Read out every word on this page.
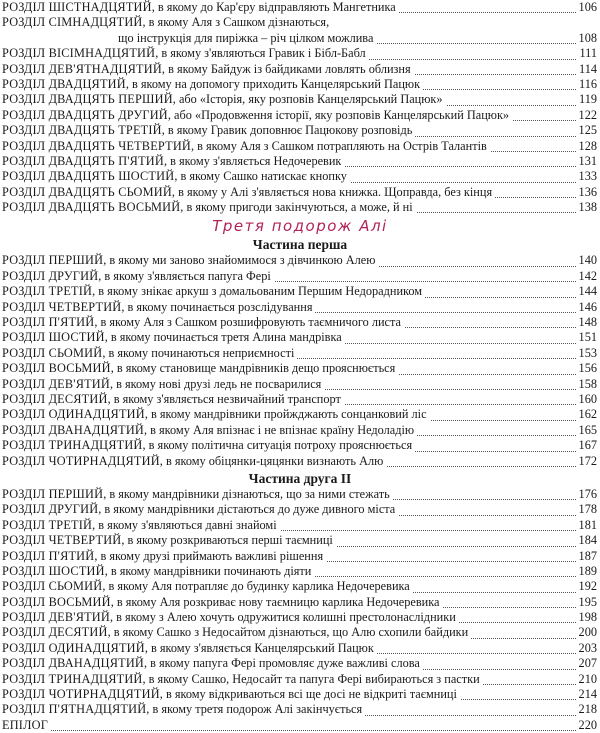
РОЗДІЛ ШІСТНАДЦЯТИЙ, в якому до Кар'єру відправляють Мангетника	106
РОЗДІЛ СІМНАДЦЯТИЙ, в якому Аля з Сашком дізнаються,
що інструкція для пиріжка – річ цілком можлива	108
РОЗДІЛ ВІСІМНАДЦЯТИЙ, в якому з'являються Гравик і Бібл-Бабл	111
РОЗДІЛ ДЕВ'ЯТНАДЦЯТИЙ, в якому Байдуж із байдиками ловлять облизня	114
РОЗДІЛ ДВАДЦЯТИЙ, в якому на допомогу приходить Канцелярський Пацюк	116
РОЗДІЛ ДВАДЦЯТЬ ПЕРШИЙ, або «Історія, яку розповів Канцелярський Пацюк»	119
РОЗДІЛ ДВАДЦЯТЬ ДРУГИЙ, або «Продовження історії, яку розповів Канцелярський Пацюк»	122
РОЗДІЛ ДВАДЦЯТЬ ТРЕТІЙ, в якому Гравик доповнює Пацюкову розповідь	125
РОЗДІЛ ДВАДЦЯТЬ ЧЕТВЕРТИЙ, в якому Аля з Сашком потрапляють на Острів Талантів	128
РОЗДІЛ ДВАДЦЯТЬ П'ЯТИЙ, в якому з'являється Недочеревик	131
РОЗДІЛ ДВАДЦЯТЬ ШОСТИЙ, в якому Сашко натискає кнопку	133
РОЗДІЛ ДВАДЦЯТЬ СЬОМИЙ, в якому у Алі з'являється нова книжка. Щоправда, без кінця	136
РОЗДІЛ ДВАДЦЯТЬ ВОСЬМИЙ, в якому пригоди закінчуються, а може, й ні	138
Третя подорож Алі
Частина перша
РОЗДІЛ ПЕРШИЙ, в якому ми заново знайомимося з дівчинкою Алею	140
РОЗДІЛ ДРУГИЙ, в якому з'являється папуга Фері	142
РОЗДІЛ ТРЕТІЙ, в якому знікає аркуш з домальованим Першим Недорадником	144
РОЗДІЛ ЧЕТВЕРТИЙ, в якому починається розслідування	146
РОЗДІЛ П'ЯТИЙ, в якому Аля з Сашком розшифровують таємничого листа	148
РОЗДІЛ ШОСТИЙ, в якому починається третя Алина мандрівка	151
РОЗДІЛ СЬОМИЙ, в якому починаються неприємності	153
РОЗДІЛ ВОСЬМИЙ, в якому становище мандрівників дещо прояснюється	156
РОЗДІЛ ДЕВ'ЯТИЙ, в якому нові друзі ледь не посварилися	158
РОЗДІЛ ДЕСЯТИЙ, в якому з'являється незвичайний транспорт	160
РОЗДІЛ ОДИНАДЦЯТИЙ, в якому мандрівники пройжджають сонцанковий ліс	162
РОЗДІЛ ДВАНАДЦЯТИЙ, в якому Аля впізнає і не впізнає країну Недоладію	165
РОЗДІЛ ТРИНАДЦЯТИЙ, в якому політична ситуація потроху прояснюється	167
РОЗДІЛ ЧОТИРНАДЦЯТИЙ, в якому обіцянки-цяцянки визнають Алю	172
Частина друга II
РОЗДІЛ ПЕРШИЙ, в якому мандрівники дізнаються, що за ними стежать	176
РОЗДІЛ ДРУГИЙ, в якому мандрівники дістаються до дуже дивного міста	178
РОЗДІЛ ТРЕТІЙ, в якому з'являються давні знайомі	181
РОЗДІЛ ЧЕТВЕРТИЙ, в якому розкриваються перші таємниці	184
РОЗДІЛ П'ЯТИЙ, в якому друзі приймають важливі рішення	187
РОЗДІЛ ШОСТИЙ, в якому мандрівники починають діяти	189
РОЗДІЛ СЬОМИЙ, в якому Аля потрапляє до будинку карлика Недочеревика	192
РОЗДІЛ ВОСЬМИЙ, в якому Аля розкриває нову таємницю карлика Недочеревика	195
РОЗДІЛ ДЕВ'ЯТИЙ, в якому з Алею хочуть одружитися колишні престолонаслідники	198
РОЗДІЛ ДЕСЯТИЙ, в якому Сашко з Недосайтом дізнаються, що Алю схопили байдики	200
РОЗДІЛ ОДИНАДЦЯТИЙ, в якому з'являється Канцелярський Пацюк	203
РОЗДІЛ ДВАНАДЦЯТИЙ, в якому папуга Фері промовляє дуже важливі слова	207
РОЗДІЛ ТРИНАДЦЯТИЙ, в якому Сашко, Недосайт та папуга Фері вибираються з пастки	210
РОЗДІЛ ЧОТИРНАДЦЯТИЙ, в якому відкриваються всі ще досі не відкриті таємниці	214
РОЗДІЛ П'ЯТНАДЦЯТИЙ, в якому третя подорож Алі закінчується	218
ЕПІЛОГ	220
